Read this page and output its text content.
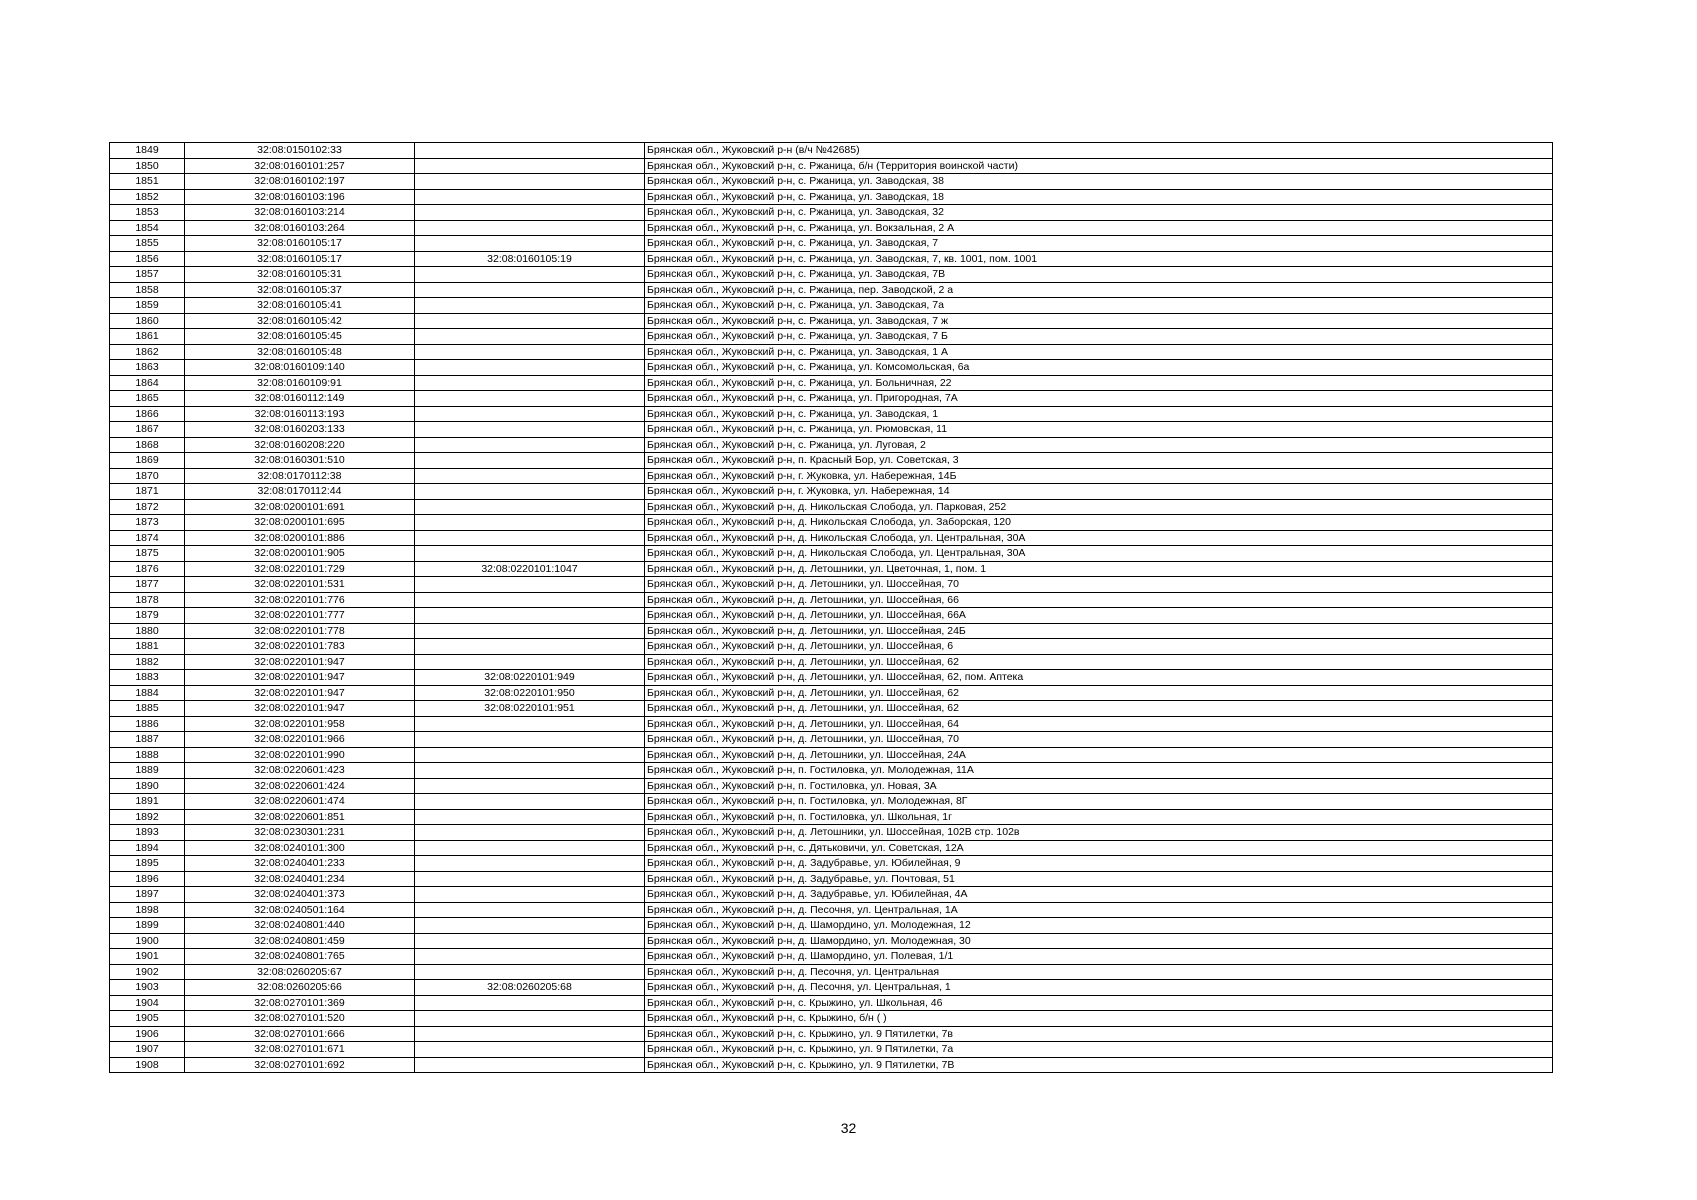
1849	32:08:0150102:33		Брянская обл., Жуковский р-н (в/ч №42685)
1850	32:08:0160101:257		Брянская обл., Жуковский р-н, с. Ржаница, б/н (Территория воинской части)
1851	32:08:0160102:197		Брянская обл., Жуковский р-н, с. Ржаница, ул. Заводская, 38
1852	32:08:0160103:196		Брянская обл., Жуковский р-н, с. Ржаница, ул. Заводская, 18
1853	32:08:0160103:214		Брянская обл., Жуковский р-н, с. Ржаница, ул. Заводская, 32
1854	32:08:0160103:264		Брянская обл., Жуковский р-н, с. Ржаница, ул. Вокзальная, 2 А
1855	32:08:0160105:17		Брянская обл., Жуковский р-н, с. Ржаница, ул. Заводская, 7
1856	32:08:0160105:17	32:08:0160105:19	Брянская обл., Жуковский р-н, с. Ржаница, ул. Заводская, 7, кв. 1001, пом. 1001
1857	32:08:0160105:31		Брянская обл., Жуковский р-н, с. Ржаница, ул. Заводская, 7В
1858	32:08:0160105:37		Брянская обл., Жуковский р-н, с. Ржаница, пер. Заводской, 2 а
1859	32:08:0160105:41		Брянская обл., Жуковский р-н, с. Ржаница, ул. Заводская, 7а
1860	32:08:0160105:42		Брянская обл., Жуковский р-н, с. Ржаница, ул. Заводская, 7 ж
1861	32:08:0160105:45		Брянская обл., Жуковский р-н, с. Ржаница, ул. Заводская, 7 Б
1862	32:08:0160105:48		Брянская обл., Жуковский р-н, с. Ржаница, ул. Заводская, 1 А
1863	32:08:0160109:140		Брянская обл., Жуковский р-н, с. Ржаница, ул. Комсомольская, 6а
1864	32:08:0160109:91		Брянская обл., Жуковский р-н, с. Ржаница, ул. Больничная, 22
1865	32:08:0160112:149		Брянская обл., Жуковский р-н, с. Ржаница, ул. Пригородная, 7А
1866	32:08:0160113:193		Брянская обл., Жуковский р-н, с. Ржаница, ул. Заводская, 1
1867	32:08:0160203:133		Брянская обл., Жуковский р-н, с. Ржаница, ул. Рюмовская, 11
1868	32:08:0160208:220		Брянская обл., Жуковский р-н, с. Ржаница, ул. Луговая, 2
1869	32:08:0160301:510		Брянская обл., Жуковский р-н, п. Красный Бор, ул. Советская, 3
1870	32:08:0170112:38		Брянская обл., Жуковский р-н, г. Жуковка, ул. Набережная, 14Б
1871	32:08:0170112:44		Брянская обл., Жуковский р-н, г. Жуковка, ул. Набережная, 14
1872	32:08:0200101:691		Брянская обл., Жуковский р-н, д. Никольская Слобода, ул. Парковая, 252
1873	32:08:0200101:695		Брянская обл., Жуковский р-н, д. Никольская Слобода, ул. Заборская, 120
1874	32:08:0200101:886		Брянская обл., Жуковский р-н, д. Никольская Слобода, ул. Центральная, 30А
1875	32:08:0200101:905		Брянская обл., Жуковский р-н, д. Никольская Слобода, ул. Центральная, 30А
1876	32:08:0220101:729	32:08:0220101:1047	Брянская обл., Жуковский р-н, д. Летошники, ул. Цветочная, 1, пом. 1
1877	32:08:0220101:531		Брянская обл., Жуковский р-н, д. Летошники, ул. Шоссейная, 70
1878	32:08:0220101:776		Брянская обл., Жуковский р-н, д. Летошники, ул. Шоссейная, 66
1879	32:08:0220101:777		Брянская обл., Жуковский р-н, д. Летошники, ул. Шоссейная, 66А
1880	32:08:0220101:778		Брянская обл., Жуковский р-н, д. Летошники, ул. Шоссейная, 24Б
1881	32:08:0220101:783		Брянская обл., Жуковский р-н, д. Летошники, ул. Шоссейная, 6
1882	32:08:0220101:947		Брянская обл., Жуковский р-н, д. Летошники, ул. Шоссейная, 62
1883	32:08:0220101:947	32:08:0220101:949	Брянская обл., Жуковский р-н, д. Летошники, ул. Шоссейная, 62, пом. Аптека
1884	32:08:0220101:947	32:08:0220101:950	Брянская обл., Жуковский р-н, д. Летошники, ул. Шоссейная, 62
1885	32:08:0220101:947	32:08:0220101:951	Брянская обл., Жуковский р-н, д. Летошники, ул. Шоссейная, 62
1886	32:08:0220101:958		Брянская обл., Жуковский р-н, д. Летошники, ул. Шоссейная, 64
1887	32:08:0220101:966		Брянская обл., Жуковский р-н, д. Летошники, ул. Шоссейная, 70
1888	32:08:0220101:990		Брянская обл., Жуковский р-н, д. Летошники, ул. Шоссейная, 24А
1889	32:08:0220601:423		Брянская обл., Жуковский р-н, п. Гостиловка, ул. Молодежная, 11А
1890	32:08:0220601:424		Брянская обл., Жуковский р-н, п. Гостиловка, ул. Новая, 3А
1891	32:08:0220601:474		Брянская обл., Жуковский р-н, п. Гостиловка, ул. Молодежная, 8Г
1892	32:08:0220601:851		Брянская обл., Жуковский р-н, п. Гостиловка, ул. Школьная, 1г
1893	32:08:0230301:231		Брянская обл., Жуковский р-н, д. Летошники, ул. Шоссейная, 102В стр. 102в
1894	32:08:0240101:300		Брянская обл., Жуковский р-н, с. Дятьковичи, ул. Советская, 12А
1895	32:08:0240401:233		Брянская обл., Жуковский р-н, д. Задубравье, ул. Юбилейная, 9
1896	32:08:0240401:234		Брянская обл., Жуковский р-н, д. Задубравье, ул. Почтовая, 51
1897	32:08:0240401:373		Брянская обл., Жуковский р-н, д. Задубравье, ул. Юбилейная, 4А
1898	32:08:0240501:164		Брянская обл., Жуковский р-н, д. Песочня, ул. Центральная, 1А
1899	32:08:0240801:440		Брянская обл., Жуковский р-н, д. Шамордино, ул. Молодежная, 12
1900	32:08:0240801:459		Брянская обл., Жуковский р-н, д. Шамордино, ул. Молодежная, 30
1901	32:08:0240801:765		Брянская обл., Жуковский р-н, д. Шамордино, ул. Полевая, 1/1
1902	32:08:0260205:67		Брянская обл., Жуковский р-н, д. Песочня, ул. Центральная
1903	32:08:0260205:66	32:08:0260205:68	Брянская обл., Жуковский р-н, д. Песочня, ул. Центральная, 1
1904	32:08:0270101:369		Брянская обл., Жуковский р-н, с. Крыжино, ул. Школьная, 46
1905	32:08:0270101:520		Брянская обл., Жуковский р-н, с. Крыжино, б/н ( )
1906	32:08:0270101:666		Брянская обл., Жуковский р-н, с. Крыжино, ул. 9 Пятилетки, 7в
1907	32:08:0270101:671		Брянская обл., Жуковский р-н, с. Крыжино, ул. 9 Пятилетки, 7а
1908	32:08:0270101:692		Брянская обл., Жуковский р-н, с. Крыжино, ул. 9 Пятилетки, 7В
32
